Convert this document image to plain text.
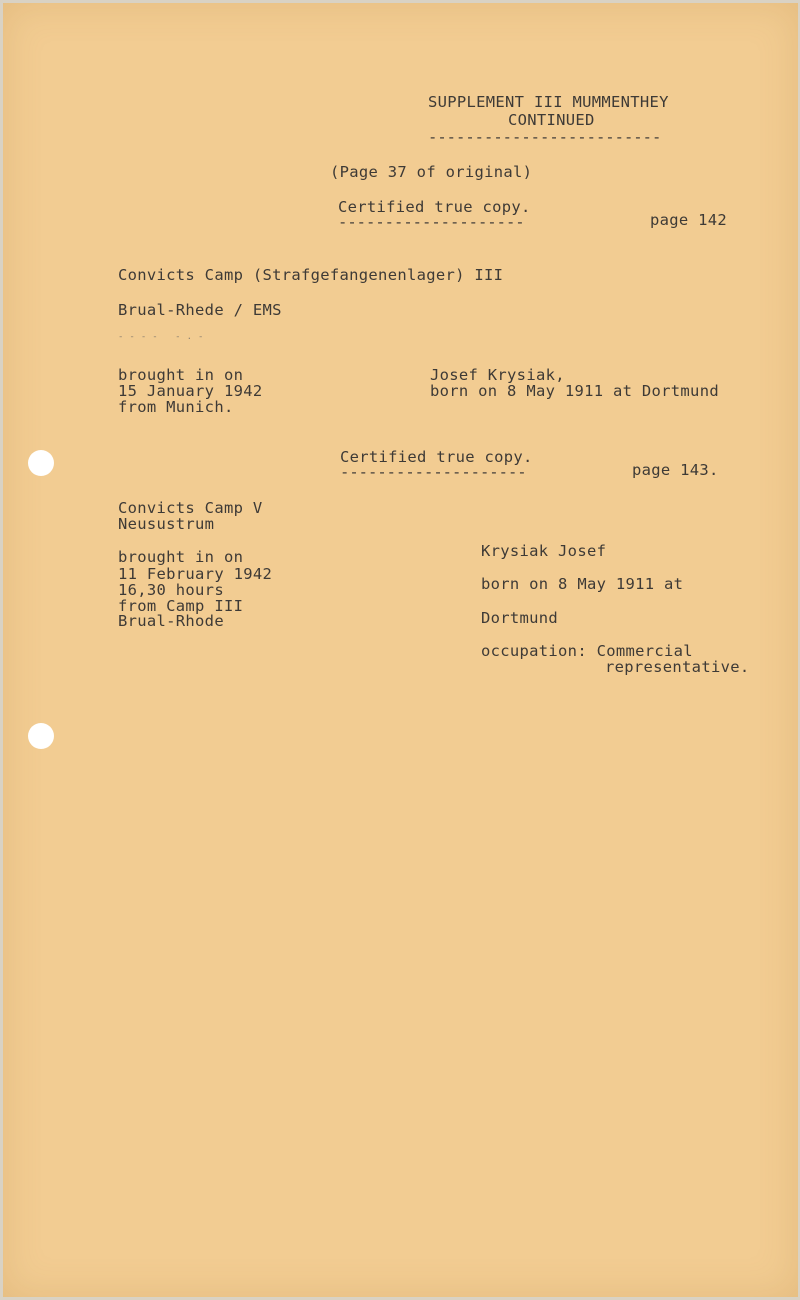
SUPPLEMENT III MUMMENTHEY
CONTINUED
-------------------------
(Page 37 of original)
Certified true copy.
--------------------	page 142
Convicts Camp (Strafgefangenenlager) III
Brual-Rhede / EMS
- - - -   - . -
brought in on
15 January 1942
from Munich.
Josef Krysiak,
born on 8 May 1911 at Dortmund
Certified true copy.
--------------------	page 143.
Convicts Camp V
Neusustrum
brought in on
11 February 1942
16,30 hours
from Camp III
Brual-Rhode
Krysiak Josef
born on 8 May 1911 at
Dortmund
occupation: Commercial
representative.
